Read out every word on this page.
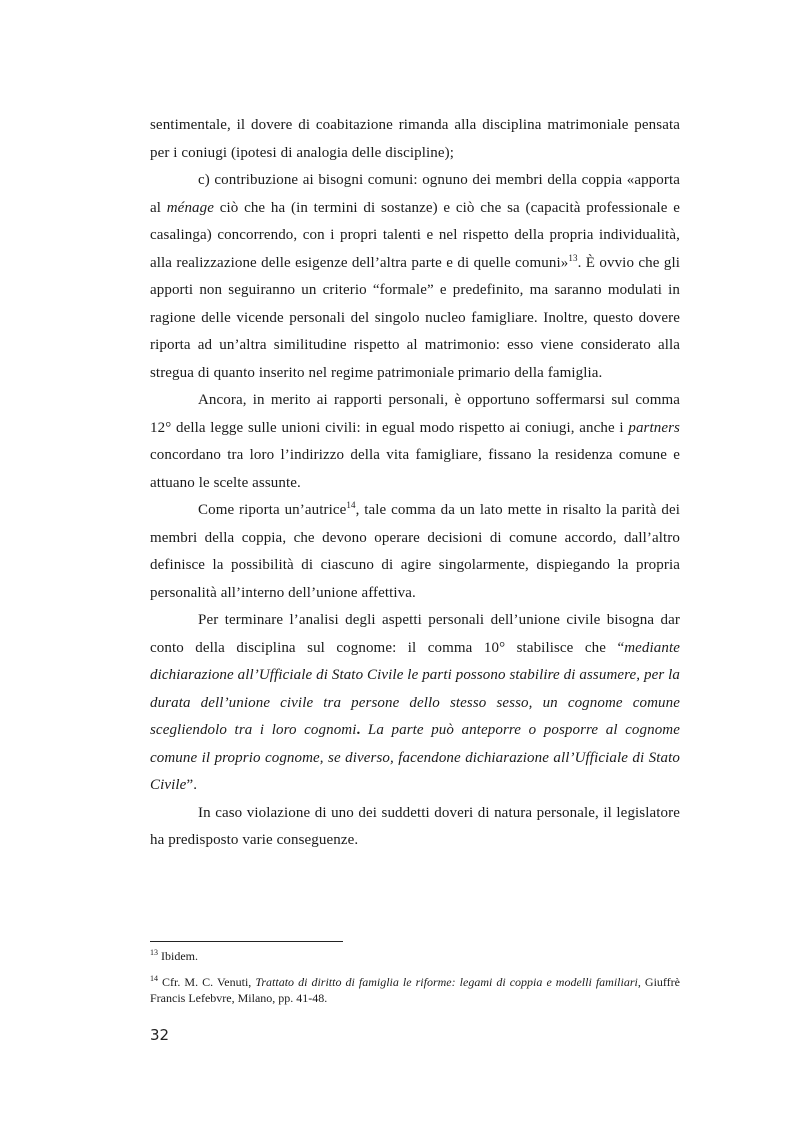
sentimentale, il dovere di coabitazione rimanda alla disciplina matrimoniale pensata per i coniugi (ipotesi di analogia delle discipline);

c) contribuzione ai bisogni comuni: ognuno dei membri della coppia «apporta al ménage ciò che ha (in termini di sostanze) e ciò che sa (capacità professionale e casalinga) concorrendo, con i propri talenti e nel rispetto della propria individualità, alla realizzazione delle esigenze dell’altra parte e di quelle comuni»$^{13}$. È ovvio che gli apporti non seguiranno un criterio “formale” e predefinito, ma saranno modulati in ragione delle vicende personali del singolo nucleo famigliare. Inoltre, questo dovere riporta ad un’altra similitudine rispetto al matrimonio: esso viene considerato alla stregua di quanto inserito nel regime patrimoniale primario della famiglia.

Ancora, in merito ai rapporti personali, è opportuno soffermarsi sul comma 12° della legge sulle unioni civili: in egual modo rispetto ai coniugi, anche i partners concordano tra loro l’indirizzo della vita famigliare, fissano la residenza comune e attuano le scelte assunte.

Come riporta un’autrice$^{14}$, tale comma da un lato mette in risalto la parità dei membri della coppia, che devono operare decisioni di comune accordo, dall’altro definisce la possibilità di ciascuno di agire singolarmente, dispiegando la propria personalità all’interno dell’unione affettiva.

Per terminare l’analisi degli aspetti personali dell’unione civile bisogna dar conto della disciplina sul cognome: il comma 10° stabilisce che “mediante dichiarazione all’Ufficiale di Stato Civile le parti possono stabilire di assumere, per la durata dell’unione civile tra persone dello stesso sesso, un cognome comune scegliendolo tra i loro cognomi. La parte può anteporre o posporre al cognome comune il proprio cognome, se diverso, facendone dichiarazione all’Ufficiale di Stato Civile”.

In caso violazione di uno dei suddetti doveri di natura personale, il legislatore ha predisposto varie conseguenze.

$^{13}$ Ibidem.

$^{14}$ Cfr. M. C. Venuti, Trattato di diritto di famiglia le riforme: legami di coppia e modelli familiari, Giuffrè Francis Lefebvre, Milano, pp. 41-48.

32
